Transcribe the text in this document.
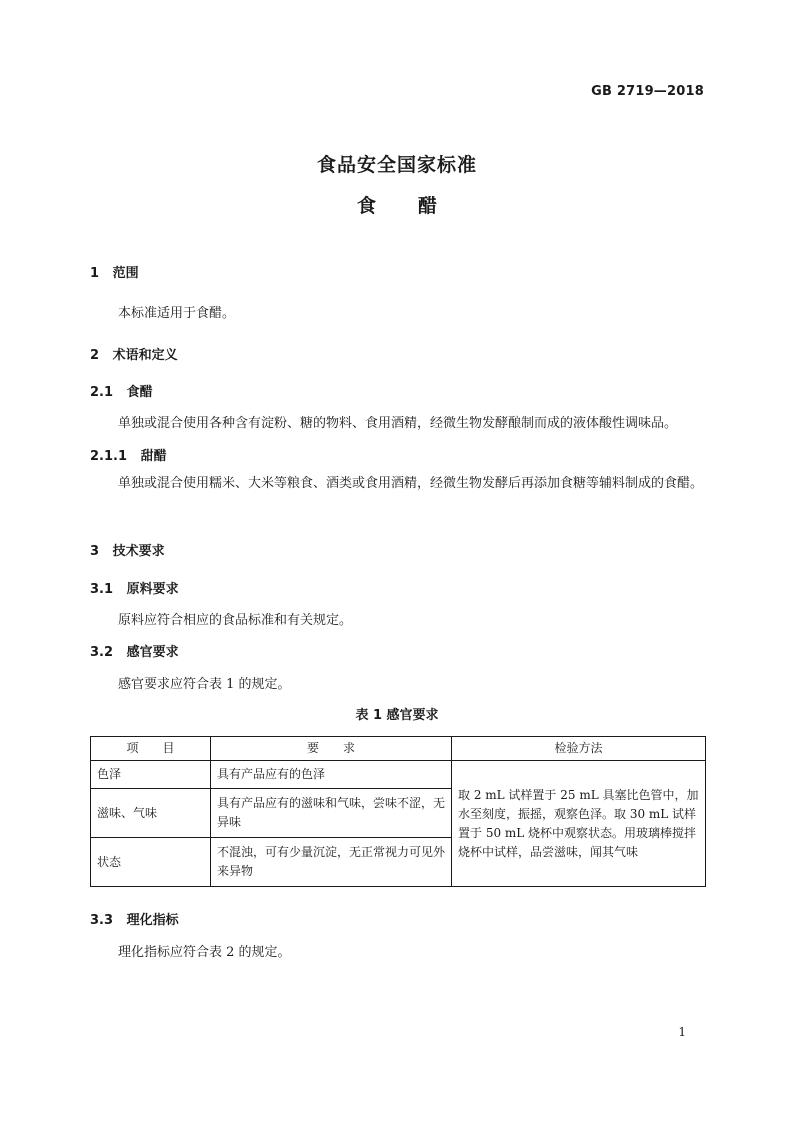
GB 2719—2018
食品安全国家标准
食 醋
1 范围
本标准适用于食醋。
2 术语和定义
2.1 食醋
单独或混合使用各种含有淀粉、糖的物料、食用酒精，经微生物发酵酿制而成的液体酸性调味品。
2.1.1 甜醋
单独或混合使用糯米、大米等粮食、酒类或食用酒精，经微生物发酵后再添加食糖等辅料制成的食醋。
3 技术要求
3.1 原料要求
原料应符合相应的食品标准和有关规定。
3.2 感官要求
感官要求应符合表 1 的规定。
表 1 感官要求
项　　目	要　　求	检验方法
色泽	具有产品应有的色泽	取 2 mL 试样置于 25 mL 具塞比色管中，加水至刻度，振摇，观察色泽。取 30 mL 试样置于 50 mL 烧杯中观察状态。用玻璃棒搅拌烧杯中试样，品尝滋味，闻其气味
滋味、气味	具有产品应有的滋味和气味，尝味不涩，无异味	
状态	不混浊，可有少量沉淀，无正常视力可见外来异物	
3.3 理化指标
理化指标应符合表 2 的规定。
1
